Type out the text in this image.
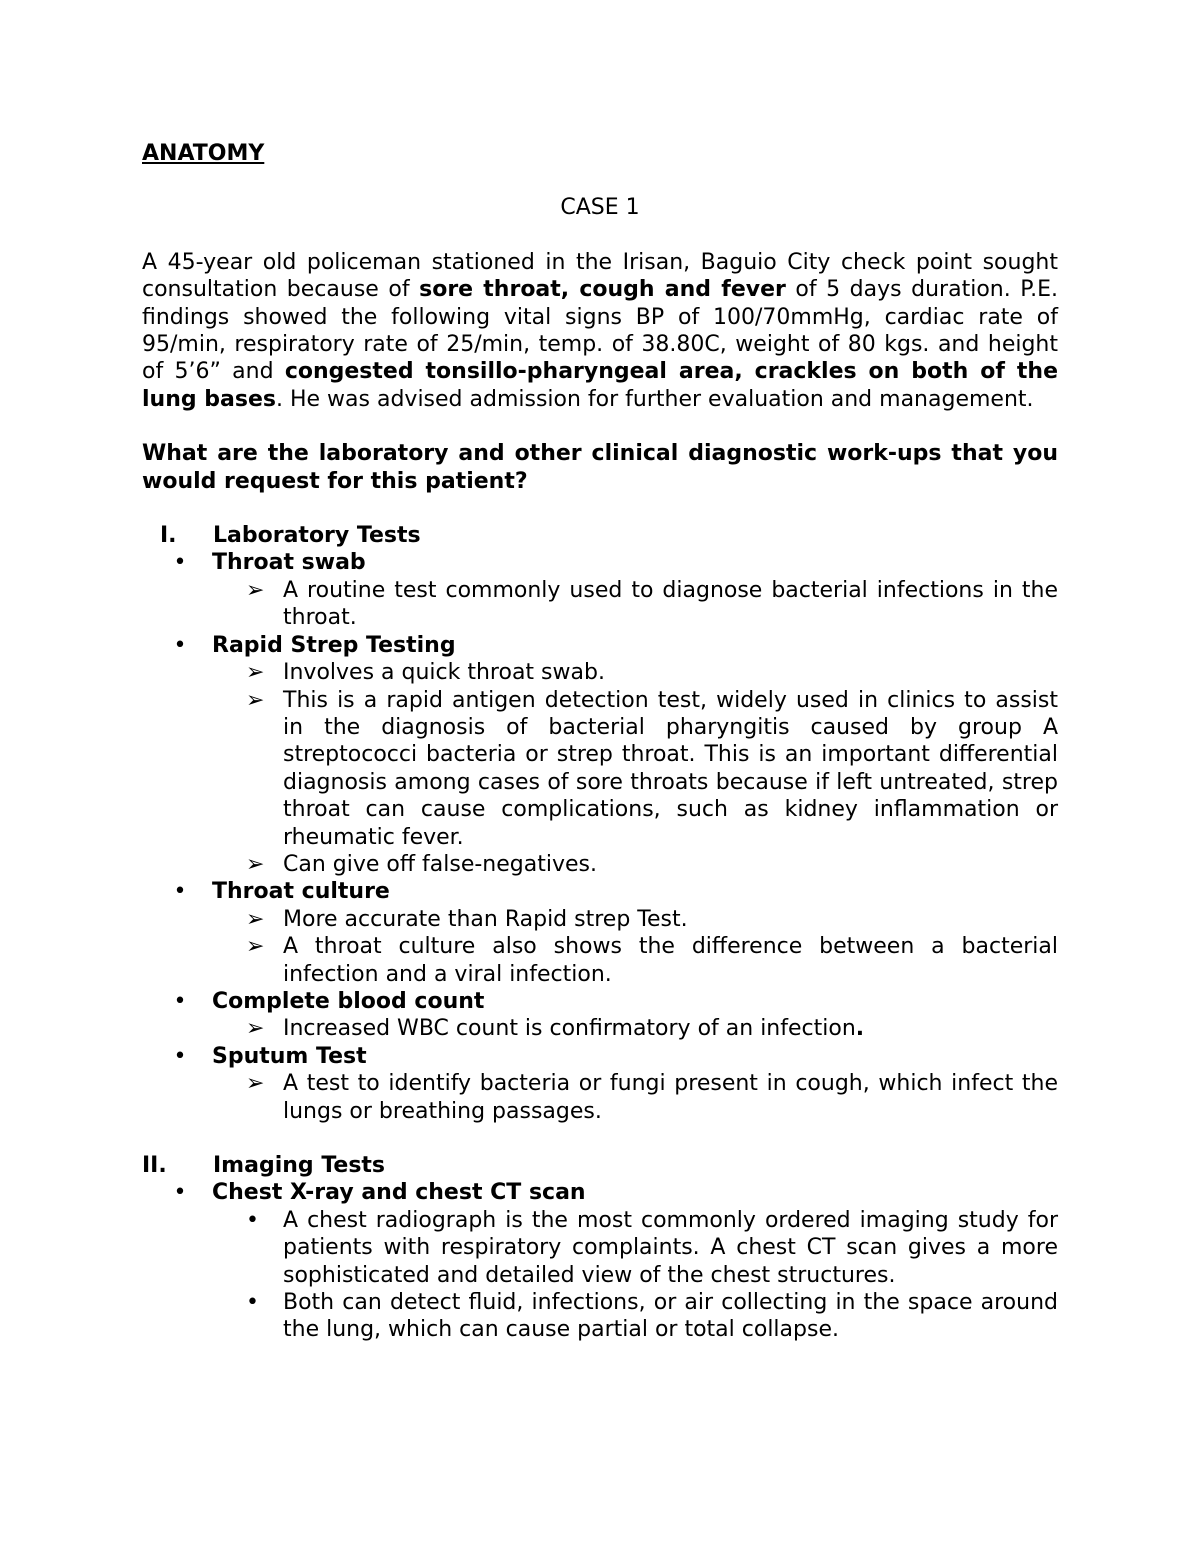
ANATOMY

CASE 1
A 45-year old policeman stationed in the Irisan, Baguio City check point sought consultation because of sore throat, cough and fever of 5 days duration. P.E. findings showed the following vital signs BP of 100/70mmHg, cardiac rate of 95/min, respiratory rate of 25/min, temp. of 38.80C, weight of 80 kgs. and height of 5’6” and congested tonsillo-pharyngeal area, crackles on both of the lung bases. He was advised admission for further evaluation and management.
What are the laboratory and other clinical diagnostic work-ups that you would request for this patient?
I.	Laboratory Tests
•	Throat swab
➢ A routine test commonly used to diagnose bacterial infections in the throat.
•	Rapid Strep Testing
➢ Involves a quick throat swab.
➢ This is a rapid antigen detection test, widely used in clinics to assist in the diagnosis of bacterial pharyngitis caused by group A streptococci bacteria or strep throat. This is an important differential diagnosis among cases of sore throats because if left untreated, strep throat can cause complications, such as kidney inflammation or rheumatic fever.
➢ Can give off false-negatives.
•	Throat culture
➢ More accurate than Rapid strep Test.
➢ A throat culture also shows the difference between a bacterial infection and a viral infection.
•	Complete blood count
➢ Increased WBC count is confirmatory of an infection.
•	Sputum Test
➢ A test to identify bacteria or fungi present in cough, which infect the lungs or breathing passages.
II.	Imaging Tests
•	Chest X-ray and chest CT scan
•	A chest radiograph is the most commonly ordered imaging study for patients with respiratory complaints. A chest CT scan gives a more sophisticated and detailed view of the chest structures.
•	Both can detect fluid, infections, or air collecting in the space around the lung, which can cause partial or total collapse.
